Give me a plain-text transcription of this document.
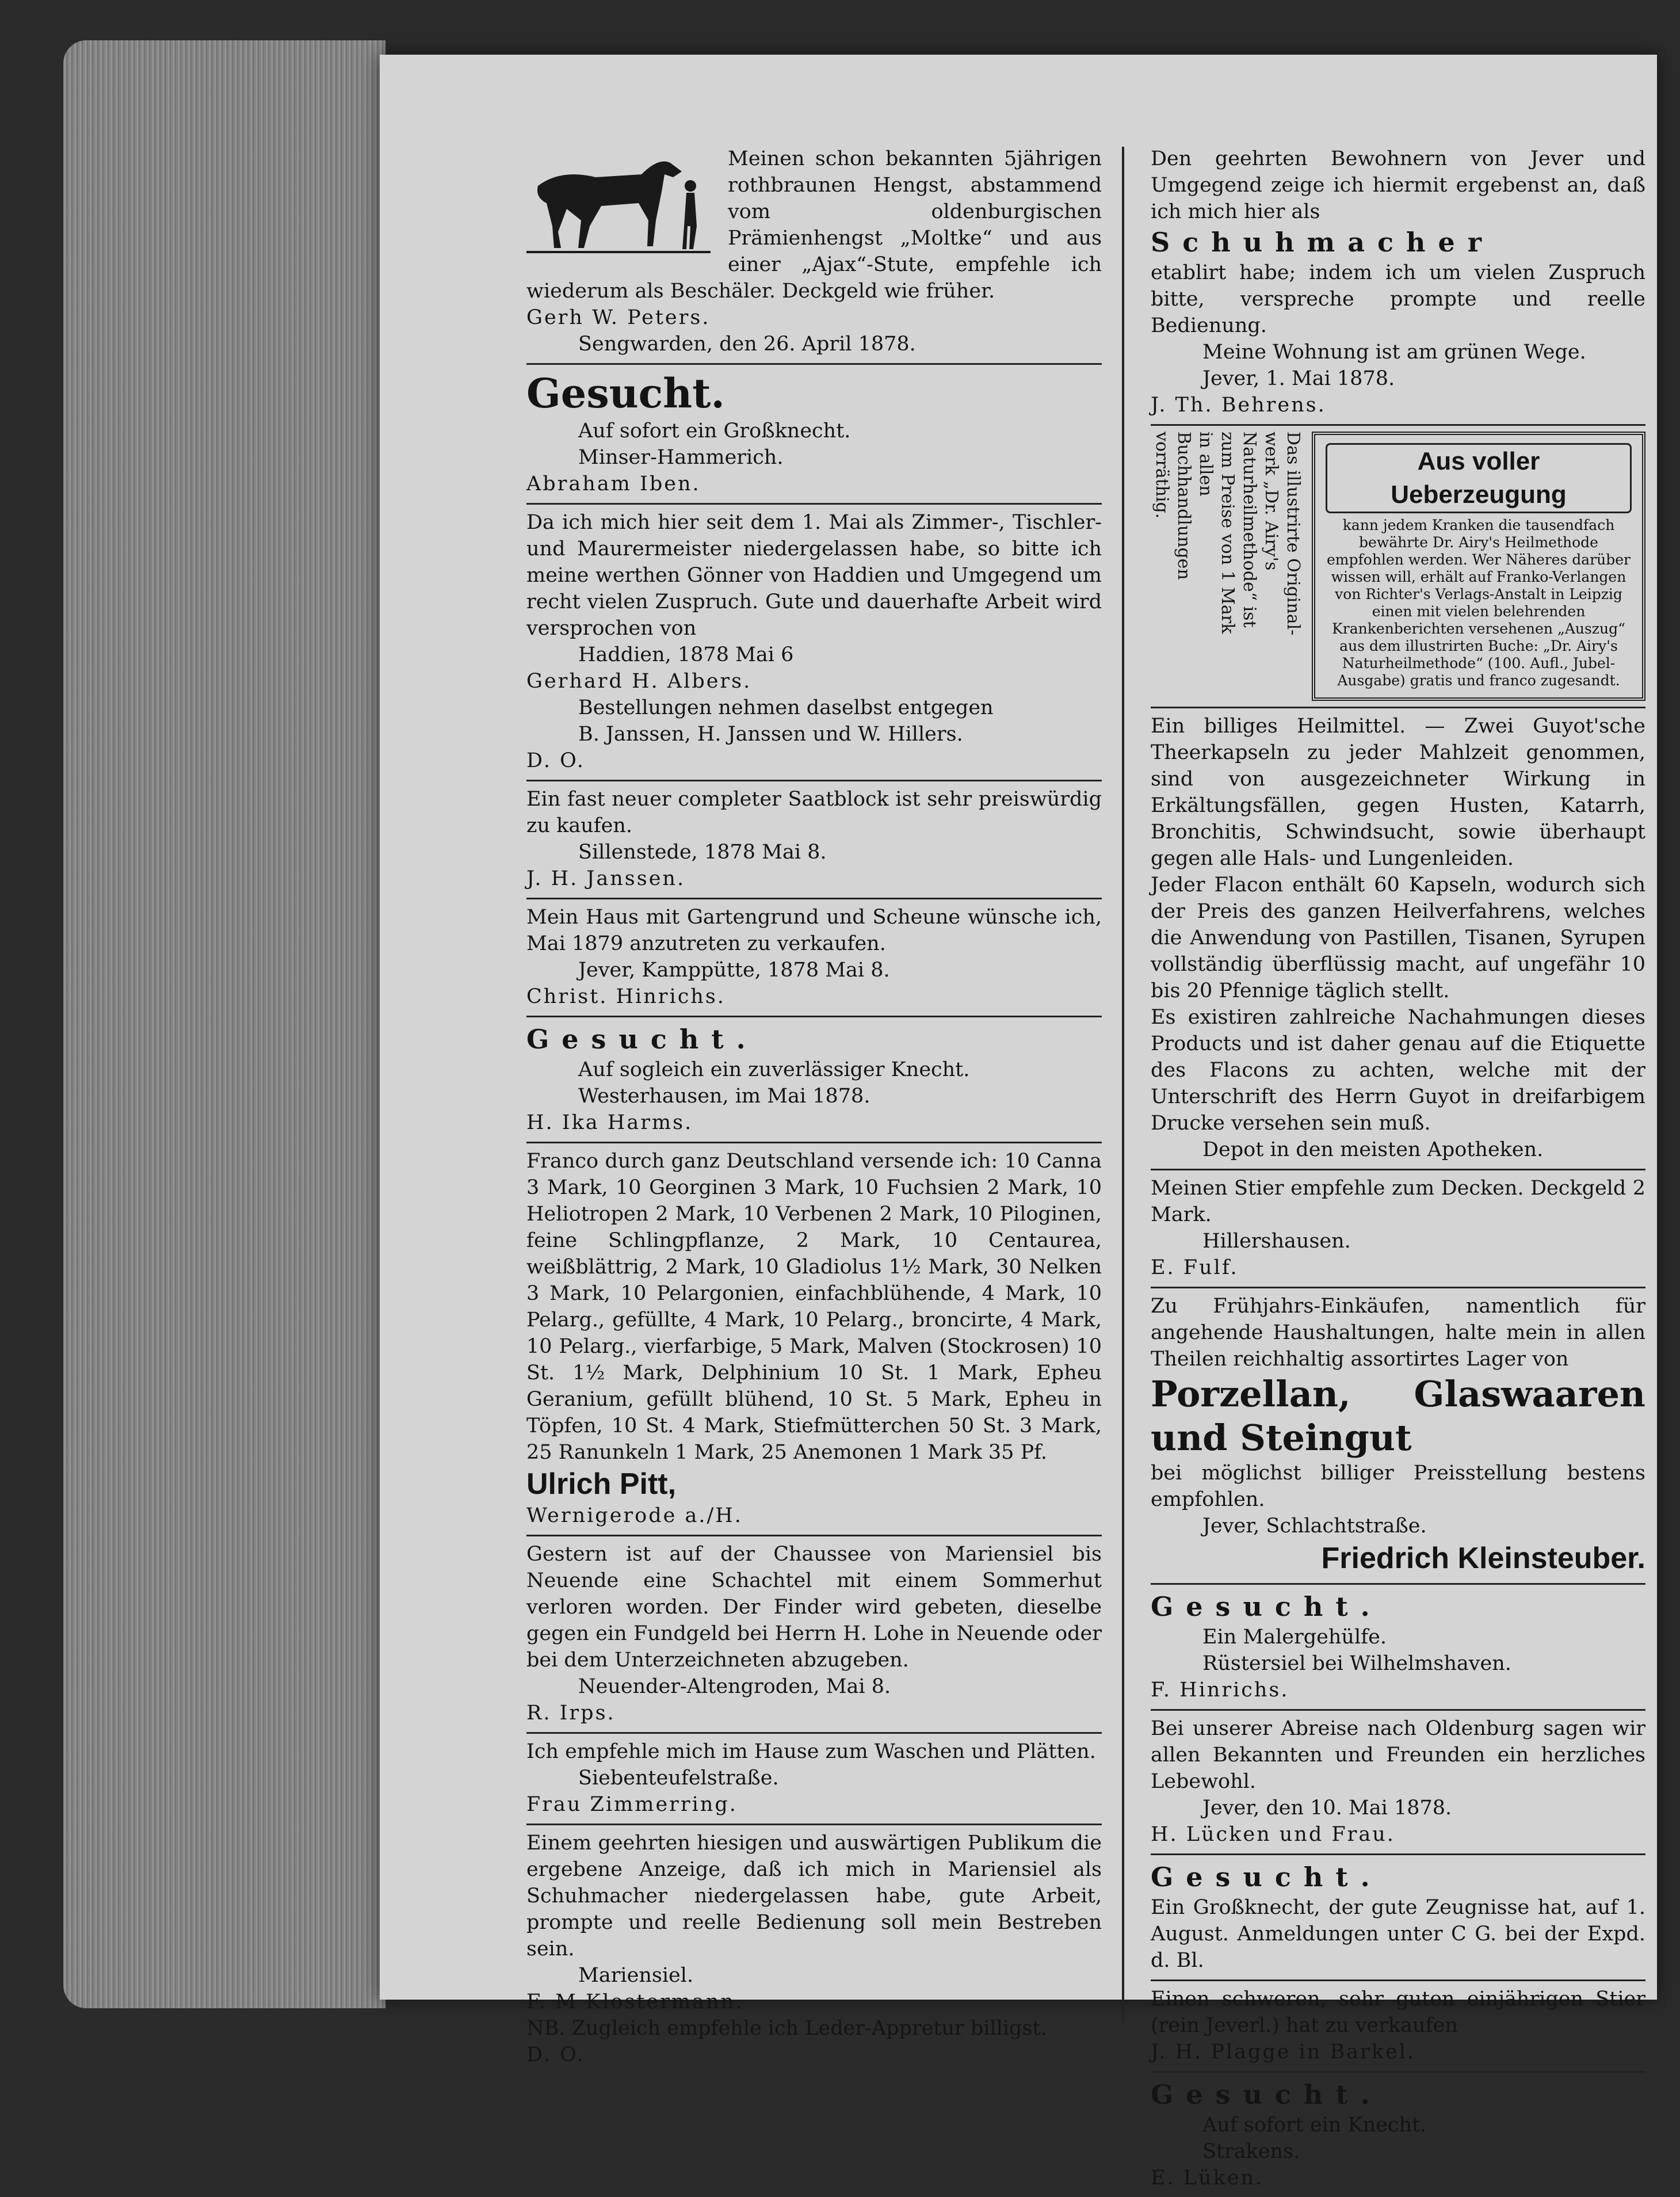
Meinen schon bekannten 5jährigen rothbraunen Hengst, abstammend vom oldenburgischen Prämienhengst „Moltke“ und aus einer „Ajax“-Stute, empfehle ich wiederum als Beschäler. Deckgeld wie früher.

Gerh W. Peters.

Sengwarden, den 26. April 1878.

Gesucht.

Auf sofort ein Großknecht.

Minser-Hammerich.

Abraham Iben.

Da ich mich hier seit dem 1. Mai als Zimmer-, Tischler- und Maurermeister niedergelassen habe, so bitte ich meine werthen Gönner von Haddien und Umgegend um recht vielen Zuspruch. Gute und dauerhafte Arbeit wird versprochen von

Haddien, 1878 Mai 6

Gerhard H. Albers.

Bestellungen nehmen daselbst entgegen

B. Janssen, H. Janssen und W. Hillers.

D. O.

Ein fast neuer completer Saatblock ist sehr preiswürdig zu kaufen.

Sillenstede, 1878 Mai 8.

J. H. Janssen.

Mein Haus mit Gartengrund und Scheune wünsche ich, Mai 1879 anzutreten zu verkaufen.

Jever, Kamppütte, 1878 Mai 8.

Christ. Hinrichs.

Gesucht.

Auf sogleich ein zuverlässiger Knecht.

Westerhausen, im Mai 1878.

H. Ika Harms.

Franco durch ganz Deutschland versende ich: 10 Canna 3 Mark, 10 Georginen 3 Mark, 10 Fuchsien 2 Mark, 10 Heliotropen 2 Mark, 10 Verbenen 2 Mark, 10 Piloginen, feine Schlingpflanze, 2 Mark, 10 Centaurea, weißblättrig, 2 Mark, 10 Gladiolus 1½ Mark, 30 Nelken 3 Mark, 10 Pelargonien, einfachblühende, 4 Mark, 10 Pelarg., gefüllte, 4 Mark, 10 Pelarg., broncirte, 4 Mark, 10 Pelarg., vierfarbige, 5 Mark, Malven (Stockrosen) 10 St. 1½ Mark, Delphinium 10 St. 1 Mark, Epheu Geranium, gefüllt blühend, 10 St. 5 Mark, Epheu in Töpfen, 10 St. 4 Mark, Stiefmütterchen 50 St. 3 Mark, 25 Ranunkeln 1 Mark, 25 Anemonen 1 Mark 35 Pf.

Ulrich Pitt,

Wernigerode a./H.

Gestern ist auf der Chaussee von Mariensiel bis Neuende eine Schachtel mit einem Sommerhut verloren worden. Der Finder wird gebeten, dieselbe gegen ein Fundgeld bei Herrn H. Lohe in Neuende oder bei dem Unterzeichneten abzugeben.

Neuender-Altengroden, Mai 8.

R. Irps.

Ich empfehle mich im Hause zum Waschen und Plätten.

Siebenteufelstraße.

Frau Zimmerring.

Einem geehrten hiesigen und auswärtigen Publikum die ergebene Anzeige, daß ich mich in Mariensiel als Schuhmacher niedergelassen habe, gute Arbeit, prompte und reelle Bedienung soll mein Bestreben sein.

Mariensiel.

F. M Klostermann.

NB. Zugleich empfehle ich Leder-Appretur billigst.

D. O.

Den geehrten Bewohnern von Jever und Umgegend zeige ich hiermit ergebenst an, daß ich mich hier als

Schuhmacher

etablirt habe; indem ich um vielen Zuspruch bitte, verspreche prompte und reelle Bedienung.

Meine Wohnung ist am grünen Wege.

Jever, 1. Mai 1878.

J. Th. Behrens.

Das illustrirte Original-werk „Dr. Airy's Naturheilmethode“ ist zum Preise von 1 Mark in allen Buchhandlungen vorräthig.	Aus voller Ueberzeugung
kann jedem Kranken die tausendfach bewährte Dr. Airy's Heilmethode empfohlen werden. Wer Näheres darüber wissen will, erhält auf Franko-Verlangen von Richter's Verlags-Anstalt in Leipzig einen mit vielen belehrenden Krankenberichten versehenen „Auszug“ aus dem illustrirten Buche: „Dr. Airy's Naturheilmethode“ (100. Aufl., Jubel-Ausgabe) gratis und franco zugesandt.

Ein billiges Heilmittel. — Zwei Guyot'sche Theerkapseln zu jeder Mahlzeit genommen, sind von ausgezeichneter Wirkung in Erkältungsfällen, gegen Husten, Katarrh, Bronchitis, Schwindsucht, sowie überhaupt gegen alle Hals- und Lungenleiden.

Jeder Flacon enthält 60 Kapseln, wodurch sich der Preis des ganzen Heilverfahrens, welches die Anwendung von Pastillen, Tisanen, Syrupen vollständig überflüssig macht, auf ungefähr 10 bis 20 Pfennige täglich stellt.

Es existiren zahlreiche Nachahmungen dieses Products und ist daher genau auf die Etiquette des Flacons zu achten, welche mit der Unterschrift des Herrn Guyot in dreifarbigem Drucke versehen sein muß.

Depot in den meisten Apotheken.

Meinen Stier empfehle zum Decken. Deckgeld 2 Mark.

Hillershausen.

E. Fulf.

Zu Frühjahrs-Einkäufen, namentlich für angehende Haushaltungen, halte mein in allen Theilen reichhaltig assortirtes Lager von

Porzellan, Glaswaaren und Steingut

bei möglichst billiger Preisstellung bestens empfohlen.

Jever, Schlachtstraße.

Friedrich Kleinsteuber.

Gesucht.

Ein Malergehülfe.

Rüstersiel bei Wilhelmshaven.

F. Hinrichs.

Bei unserer Abreise nach Oldenburg sagen wir allen Bekannten und Freunden ein herzliches Lebewohl.

Jever, den 10. Mai 1878.

H. Lücken und Frau.

Gesucht.

Ein Großknecht, der gute Zeugnisse hat, auf 1. August. Anmeldungen unter C G. bei der Expd. d. Bl.

Einen schweren, sehr guten einjährigen Stier (rein Jeverl.) hat zu verkaufen

J. H. Plagge in Barkel.

Gesucht.

Auf sofort ein Knecht.

Strakens.

E. Lüken.
